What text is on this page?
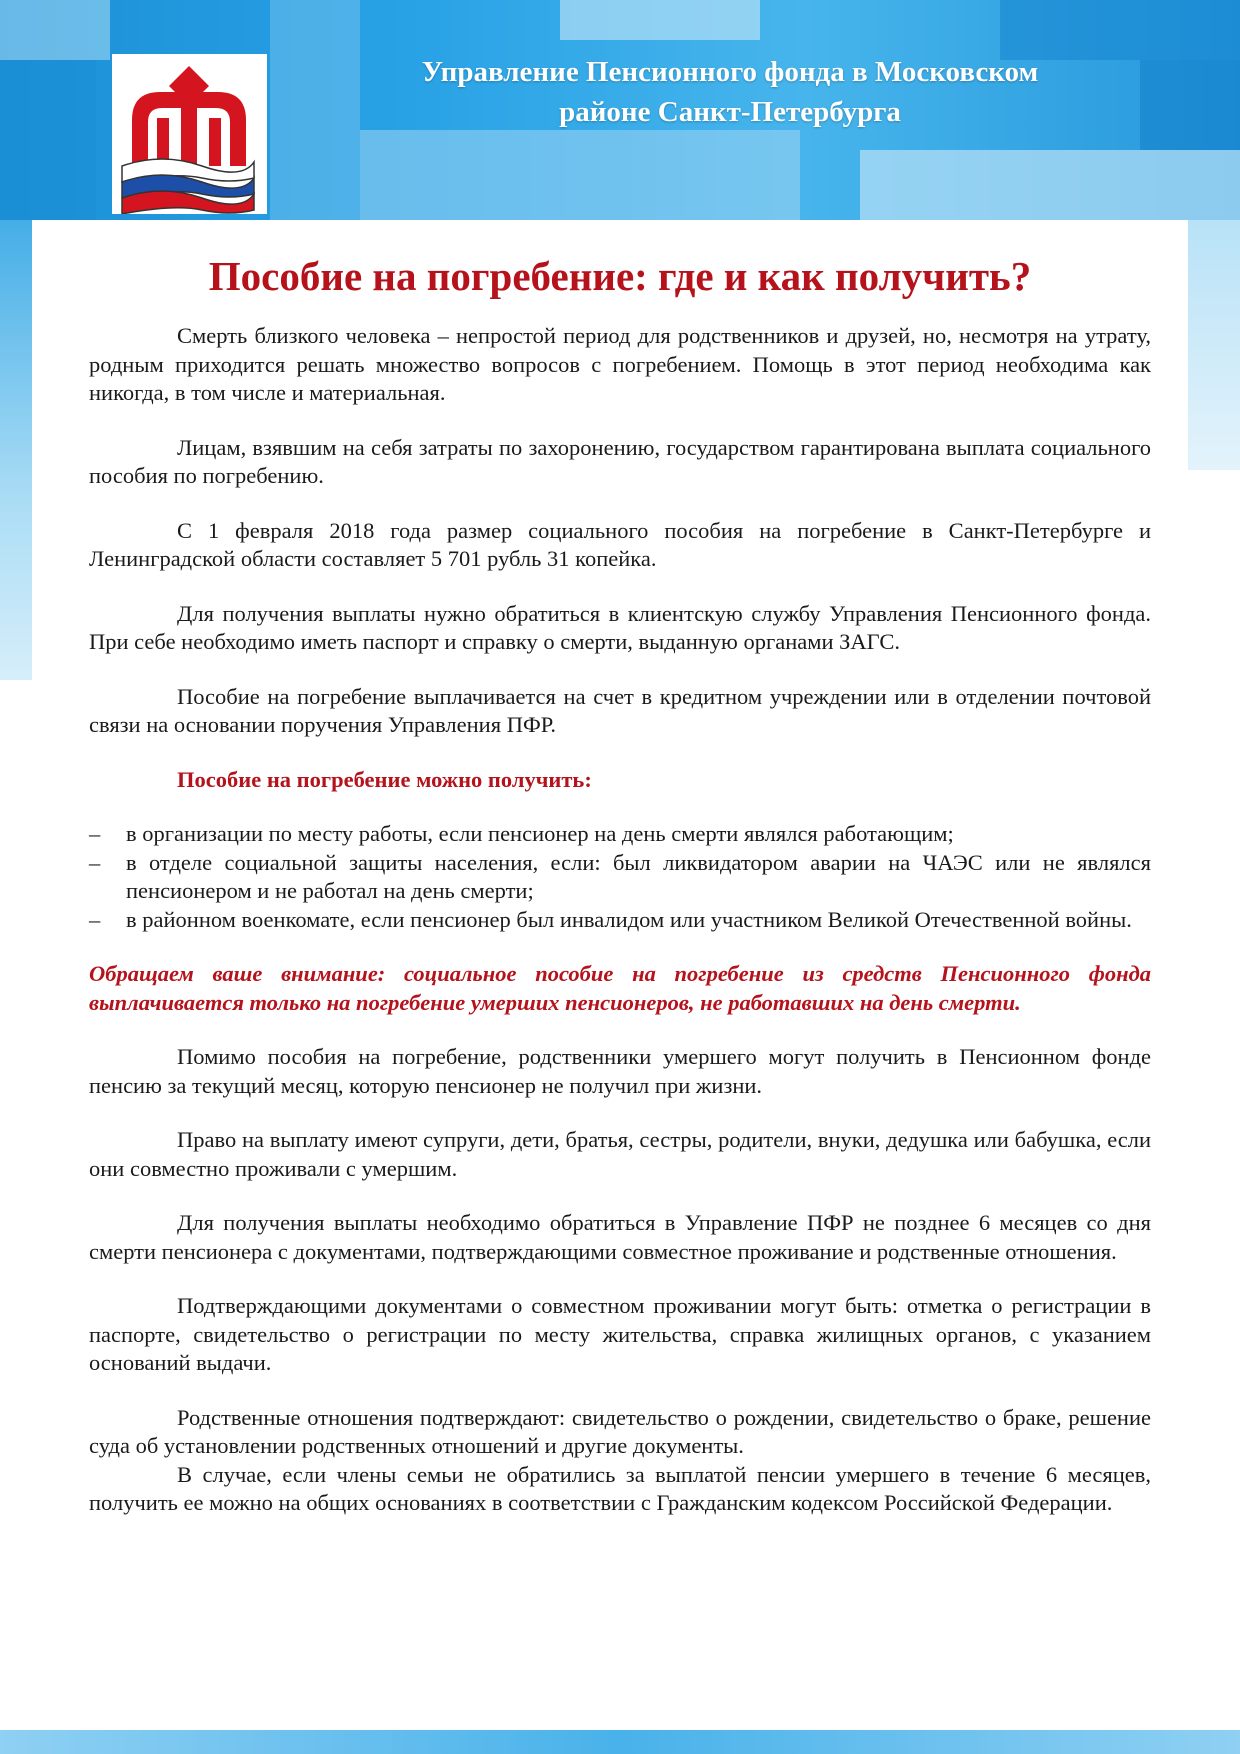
Управление Пенсионного фонда в Московском
районе Санкт-Петербурга
Пособие на погребение: где и как получить?

Смерть близкого человека – непростой период для родственников и друзей, но, несмотря на утрату, родным приходится решать множество вопросов с погребением. Помощь в этот период необходима как никогда, в том числе и материальная.

Лицам, взявшим на себя затраты по захоронению, государством гарантирована выплата социального пособия по погребению.

С 1 февраля 2018 года размер социального пособия на погребение в Санкт-Петербурге и Ленинградской области составляет 5 701 рубль 31 копейка.

Для получения выплаты нужно обратиться в клиентскую службу Управления Пенсионного фонда. При себе необходимо иметь паспорт и справку о смерти, выданную органами ЗАГС.

Пособие на погребение выплачивается на счет в кредитном учреждении или в отделении почтовой связи на основании поручения Управления ПФР.

Пособие на погребение можно получить:

– в организации по месту работы, если пенсионер на день смерти являлся работающим;
– в отделе социальной защиты населения, если: был ликвидатором аварии на ЧАЭС или не являлся пенсионером и не работал на день смерти;
– в районном военкомате, если пенсионер был инвалидом или участником Великой Отечественной войны.

Обращаем ваше внимание: социальное пособие на погребение из средств Пенсионного фонда выплачивается только на погребение умерших пенсионеров, не работавших на день смерти.

Помимо пособия на погребение, родственники умершего могут получить в Пенсионном фонде пенсию за текущий месяц, которую пенсионер не получил при жизни.

Право на выплату имеют супруги, дети, братья, сестры, родители, внуки, дедушка или бабушка, если они совместно проживали с умершим.

Для получения выплаты необходимо обратиться в Управление ПФР не позднее 6 месяцев со дня смерти пенсионера с документами, подтверждающими совместное проживание и родственные отношения.

Подтверждающими документами о совместном проживании могут быть: отметка о регистрации в паспорте, свидетельство о регистрации по месту жительства, справка жилищных органов, с указанием оснований выдачи.

Родственные отношения подтверждают: свидетельство о рождении, свидетельство о браке, решение суда об установлении родственных отношений и другие документы.

В случае, если члены семьи не обратились за выплатой пенсии умершего в течение 6 месяцев, получить ее можно на общих основаниях в соответствии с Гражданским кодексом Российской Федерации.
